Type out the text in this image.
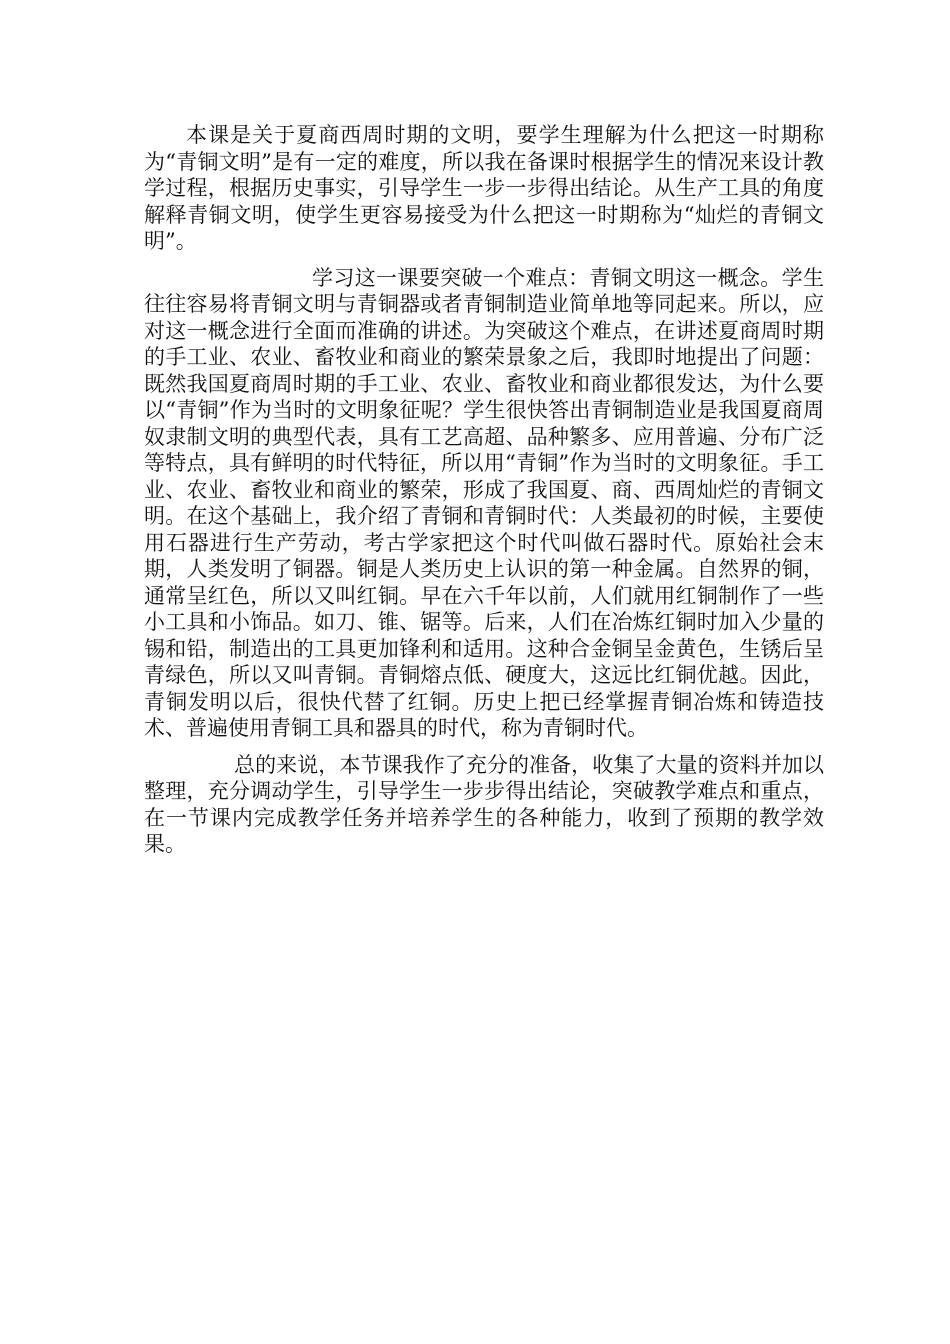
本课是关于夏商西周时期的文明，要学生理解为什么把这一时期称为“青铜文明”是有一定的难度，所以我在备课时根据学生的情况来设计教学过程，根据历史事实，引导学生一步一步得出结论。从生产工具的角度解释青铜文明，使学生更容易接受为什么把这一时期称为“灿烂的青铜文明”。

学习这一课要突破一个难点：青铜文明这一概念。学生往往容易将青铜文明与青铜器或者青铜制造业简单地等同起来。所以，应对这一概念进行全面而准确的讲述。为突破这个难点，在讲述夏商周时期的手工业、农业、畜牧业和商业的繁荣景象之后，我即时地提出了问题：既然我国夏商周时期的手工业、农业、畜牧业和商业都很发达，为什么要以“青铜”作为当时的文明象征呢？学生很快答出青铜制造业是我国夏商周奴隶制文明的典型代表，具有工艺高超、品种繁多、应用普遍、分布广泛等特点，具有鲜明的时代特征，所以用“青铜”作为当时的文明象征。手工业、农业、畜牧业和商业的繁荣，形成了我国夏、商、西周灿烂的青铜文明。在这个基础上，我介绍了青铜和青铜时代：人类最初的时候，主要使用石器进行生产劳动，考古学家把这个时代叫做石器时代。原始社会末期，人类发明了铜器。铜是人类历史上认识的第一种金属。自然界的铜，通常呈红色，所以又叫红铜。早在六千年以前，人们就用红铜制作了一些小工具和小饰品。如刀、锥、锯等。后来，人们在冶炼红铜时加入少量的锡和铅，制造出的工具更加锋利和适用。这种合金铜呈金黄色，生锈后呈青绿色，所以又叫青铜。青铜熔点低、硬度大，这远比红铜优越。因此，青铜发明以后，很快代替了红铜。历史上把已经掌握青铜冶炼和铸造技术、普遍使用青铜工具和器具的时代，称为青铜时代。

总的来说，本节课我作了充分的准备，收集了大量的资料并加以整理，充分调动学生，引导学生一步步得出结论，突破教学难点和重点，在一节课内完成教学任务并培养学生的各种能力，收到了预期的教学效果。
